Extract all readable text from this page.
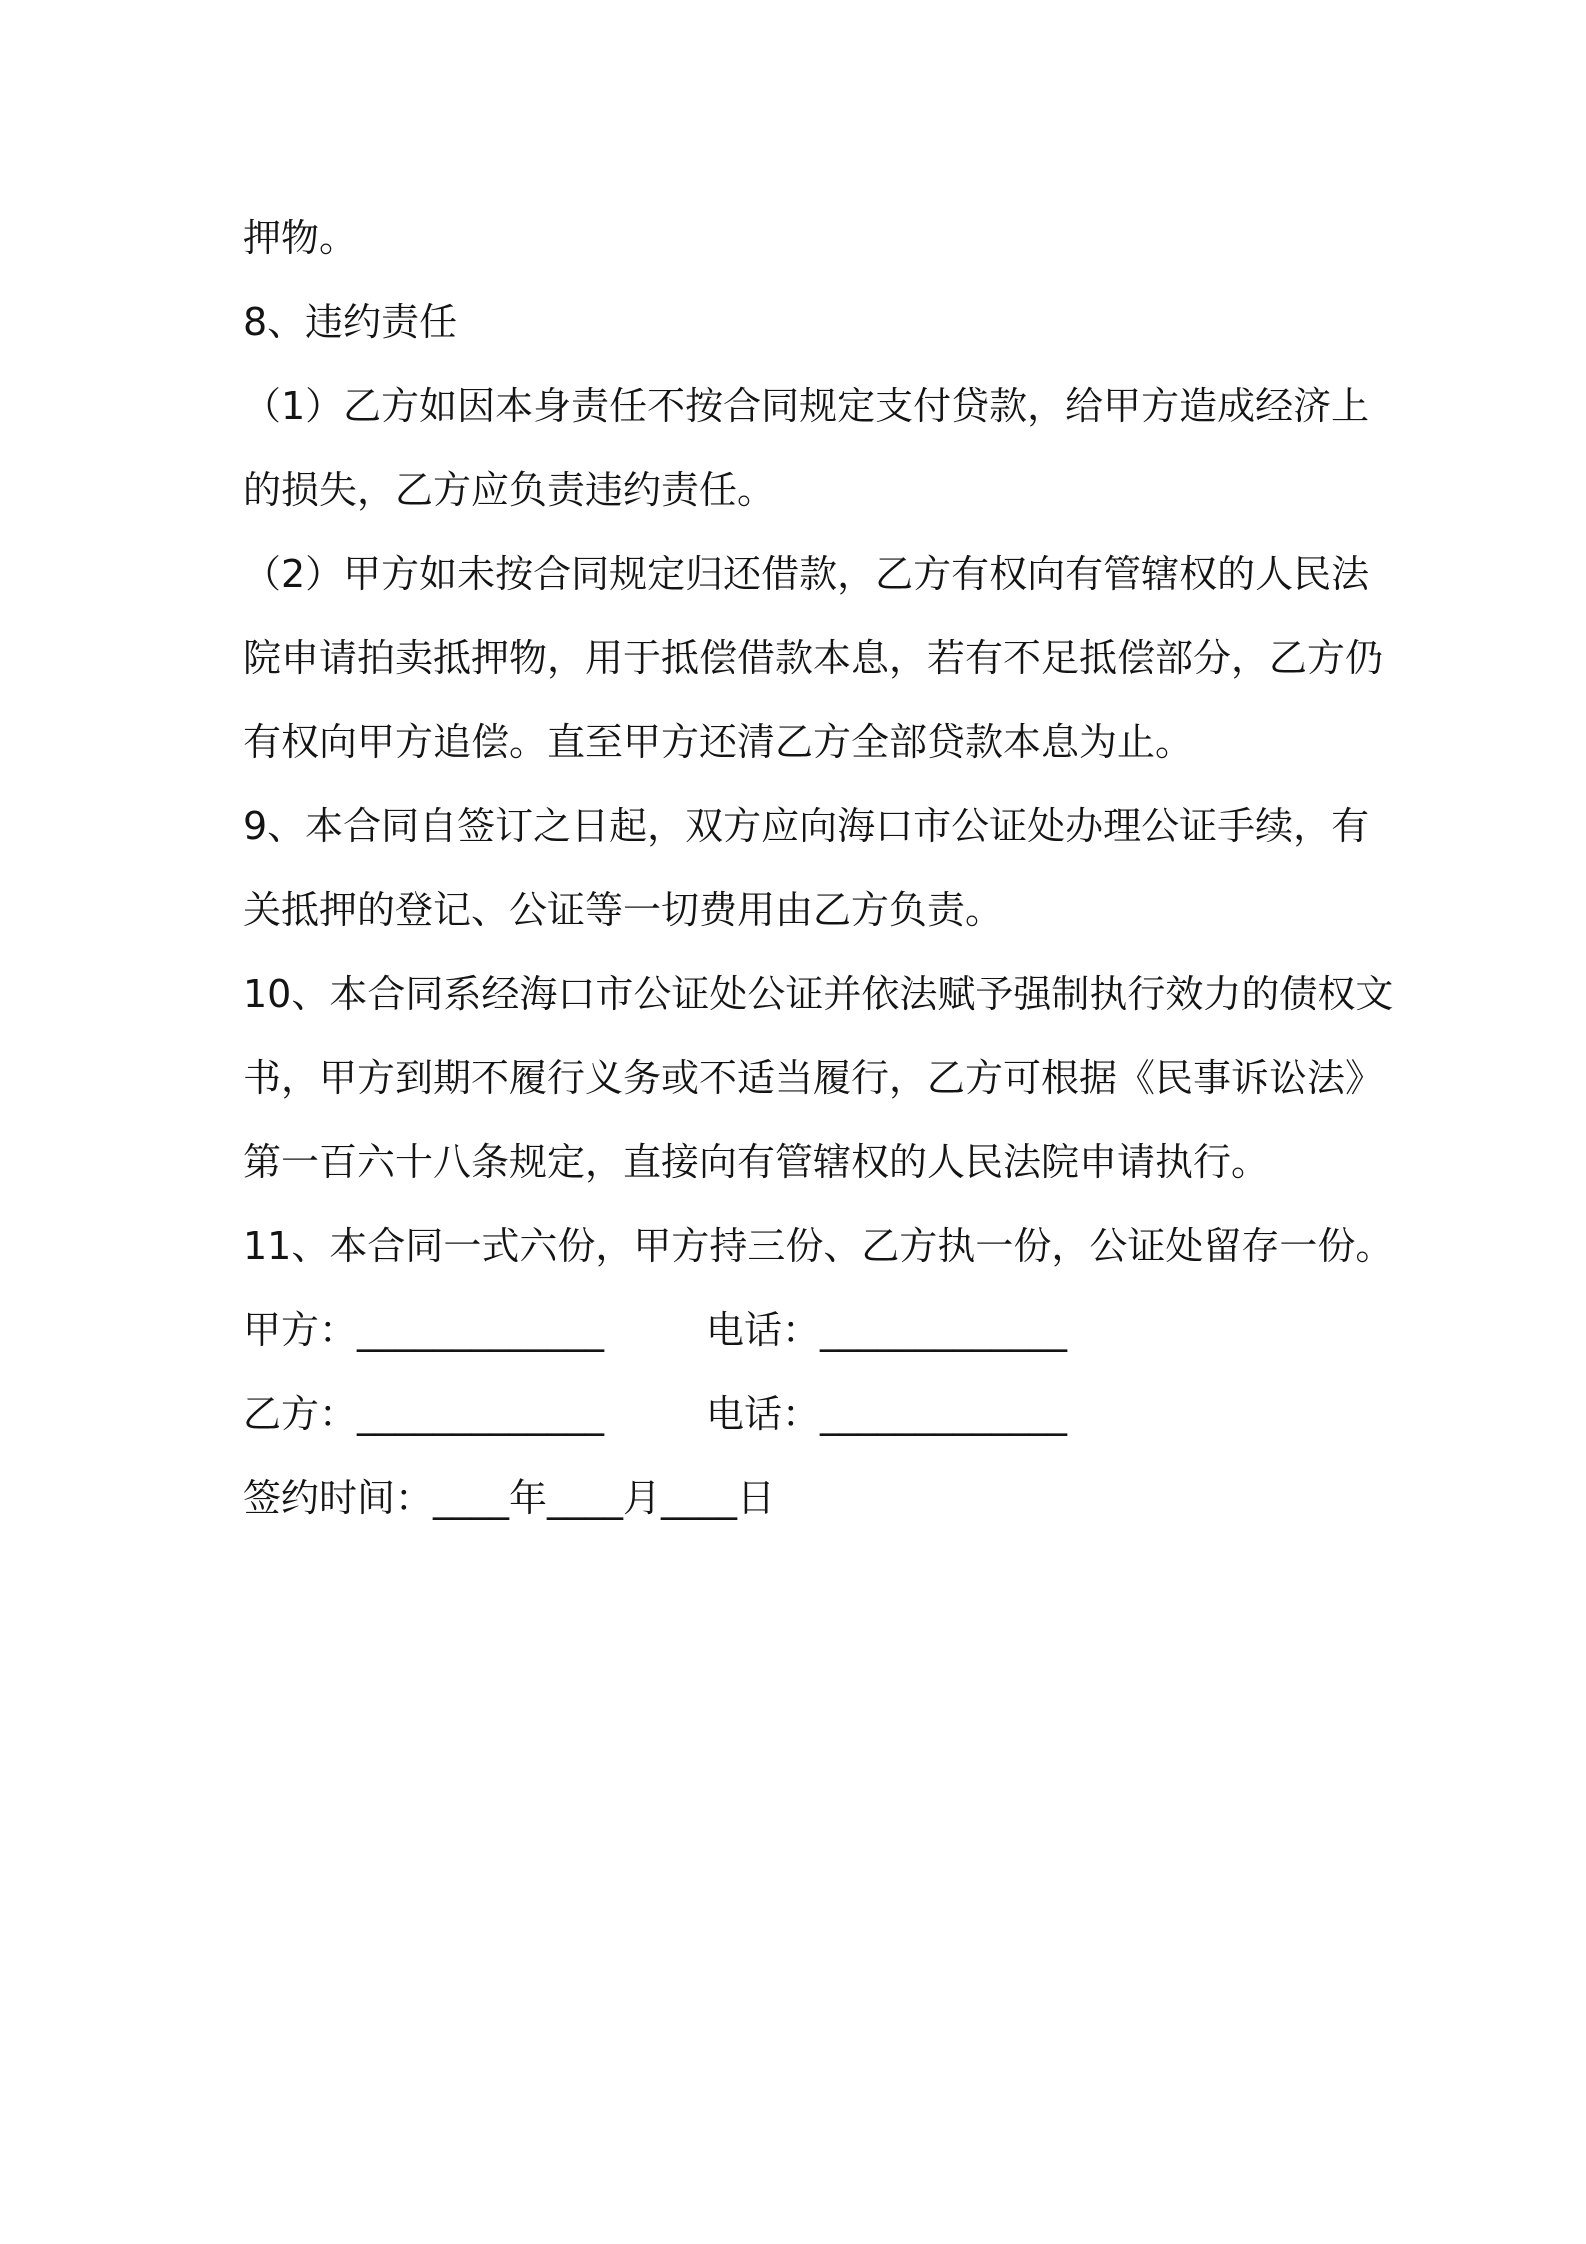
押物。
8、违约责任
（1）乙方如因本身责任不按合同规定支付贷款，给甲方造成经济上
的损失，乙方应负责违约责任。
（2）甲方如未按合同规定归还借款，乙方有权向有管辖权的人民法
院申请拍卖抵押物，用于抵偿借款本息，若有不足抵偿部分，乙方仍
有权向甲方追偿。直至甲方还清乙方全部贷款本息为止。
9、本合同自签订之日起，双方应向海口市公证处办理公证手续，有
关抵押的登记、公证等一切费用由乙方负责。
10、本合同系经海口市公证处公证并依法赋予强制执行效力的债权文
书，甲方到期不履行义务或不适当履行，乙方可根据《民事诉讼法》
第一百六十八条规定，直接向有管辖权的人民法院申请执行。
11、本合同一式六份，甲方持三份、乙方执一份，公证处留存一份。
甲方：_____________	电话：_____________
乙方：_____________	电话：_____________
签约时间：____年____月____日
